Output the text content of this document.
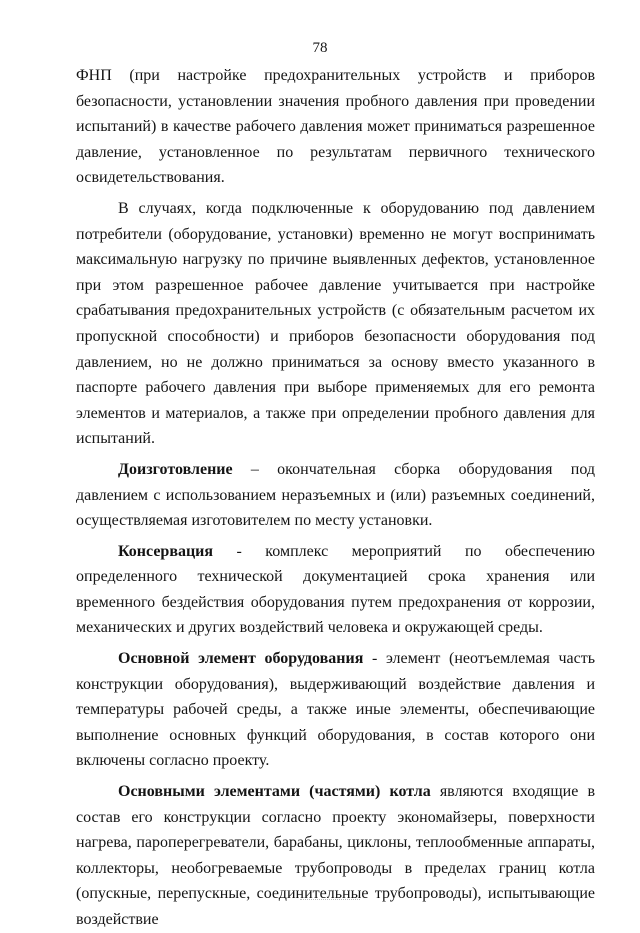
78

ФНП (при настройке предохранительных устройств и приборов безопасности, установлении значения пробного давления при проведении испытаний) в качестве рабочего давления может приниматься разрешенное давление, установленное по результатам первичного технического освидетельствования.

В случаях, когда подключенные к оборудованию под давлением потребители (оборудование, установки) временно не могут воспринимать максимальную нагрузку по причине выявленных дефектов, установленное при этом разрешенное рабочее давление учитывается при настройке срабатывания предохранительных устройств (с обязательным расчетом их пропускной способности) и приборов безопасности оборудования под давлением, но не должно приниматься за основу вместо указанного в паспорте рабочего давления при выборе применяемых для его ремонта элементов и материалов, а также при определении пробного давления для испытаний.

Доизготовление – окончательная сборка оборудования под давлением с использованием неразъемных и (или) разъемных соединений, осуществляемая изготовителем по месту установки.

Консервация - комплекс мероприятий по обеспечению определенного технической документацией срока хранения или временного бездействия оборудования путем предохранения от коррозии, механических и других воздействий человека и окружающей среды.

Основной элемент оборудования - элемент (неотъемлемая часть конструкции оборудования), выдерживающий воздействие давления и температуры рабочей среды, а также иные элементы, обеспечивающие выполнение основных функций оборудования, в состав которого они включены согласно проекту.

Основными элементами (частями) котла являются входящие в состав его конструкции согласно проекту экономайзеры, поверхности нагрева, пароперегреватели, барабаны, циклоны, теплообменные аппараты, коллекторы, необогреваемые трубопроводы в пределах границ котла (опускные, перепускные, соединительные трубопроводы), испытывающие воздействие
